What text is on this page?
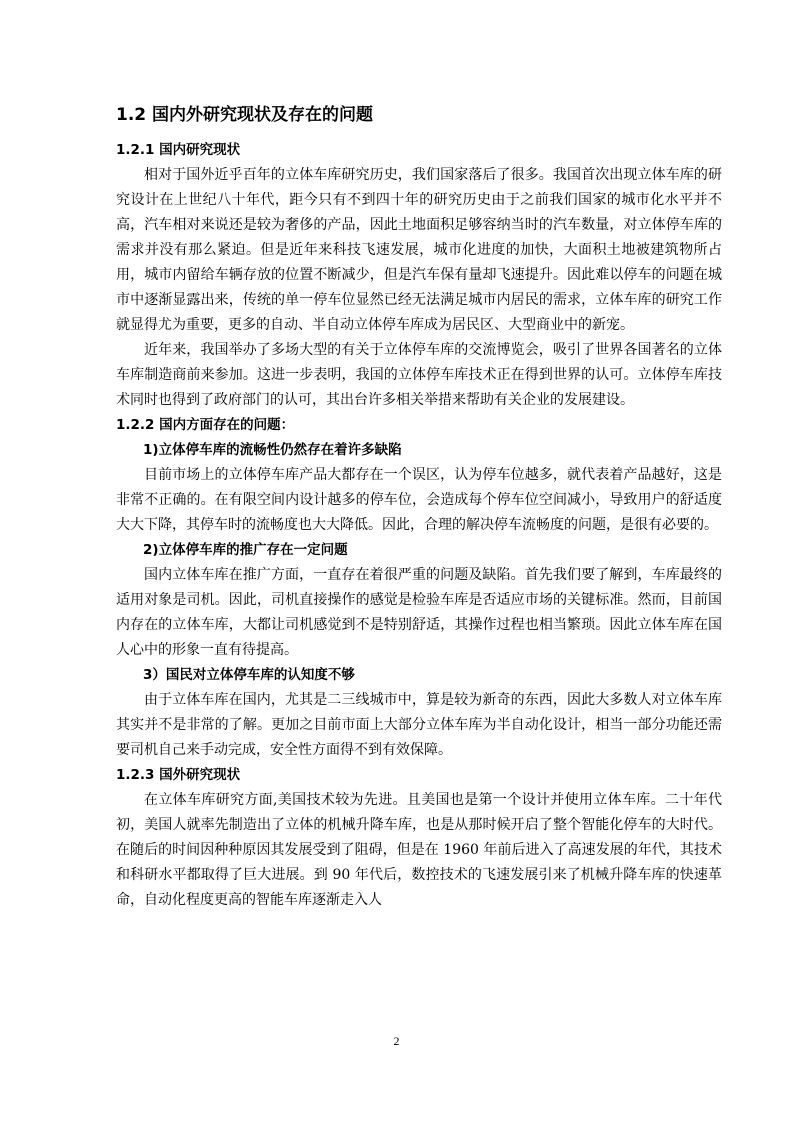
1.2 国内外研究现状及存在的问题
1.2.1 国内研究现状

相对于国外近乎百年的立体车库研究历史，我们国家落后了很多。我国首次出现立体车库的研究设计在上世纪八十年代，距今只有不到四十年的研究历史由于之前我们国家的城市化水平并不高，汽车相对来说还是较为奢侈的产品，因此土地面积足够容纳当时的汽车数量，对立体停车库的需求并没有那么紧迫。但是近年来科技飞速发展，城市化进度的加快，大面积土地被建筑物所占用，城市内留给车辆存放的位置不断减少，但是汽车保有量却飞速提升。因此难以停车的问题在城市中逐渐显露出来，传统的单一停车位显然已经无法满足城市内居民的需求，立体车库的研究工作就显得尤为重要，更多的自动、半自动立体停车库成为居民区、大型商业中的新宠。

近年来，我国举办了多场大型的有关于立体停车库的交流博览会，吸引了世界各国著名的立体车库制造商前来参加。这进一步表明，我国的立体停车库技术正在得到世界的认可。立体停车库技术同时也得到了政府部门的认可，其出台许多相关举措来帮助有关企业的发展建设。

1.2.2 国内方面存在的问题：
1)立体停车库的流畅性仍然存在着许多缺陷

目前市场上的立体停车库产品大都存在一个误区，认为停车位越多，就代表着产品越好，这是非常不正确的。在有限空间内设计越多的停车位，会造成每个停车位空间减小，导致用户的舒适度大大下降，其停车时的流畅度也大大降低。因此，合理的解决停车流畅度的问题，是很有必要的。

2)立体停车库的推广存在一定问题

国内立体车库在推广方面，一直存在着很严重的问题及缺陷。首先我们要了解到，车库最终的适用对象是司机。因此，司机直接操作的感觉是检验车库是否适应市场的关键标准。然而，目前国内存在的立体车库，大都让司机感觉到不是特别舒适，其操作过程也相当繁琐。因此立体车库在国人心中的形象一直有待提高。

3）国民对立体停车库的认知度不够

由于立体车库在国内，尤其是二三线城市中，算是较为新奇的东西，因此大多数人对立体车库其实并不是非常的了解。更加之目前市面上大部分立体车库为半自动化设计，相当一部分功能还需要司机自己来手动完成，安全性方面得不到有效保障。

1.2.3 国外研究现状

在立体车库研究方面,美国技术较为先进。且美国也是第一个设计并使用立体车库。二十年代初，美国人就率先制造出了立体的机械升降车库，也是从那时候开启了整个智能化停车的大时代。在随后的时间因种种原因其发展受到了阻碍，但是在 1960 年前后进入了高速发展的年代，其技术和科研水平都取得了巨大进展。到 90 年代后，数控技术的飞速发展引来了机械升降车库的快速革命，自动化程度更高的智能车库逐渐走入人

2
